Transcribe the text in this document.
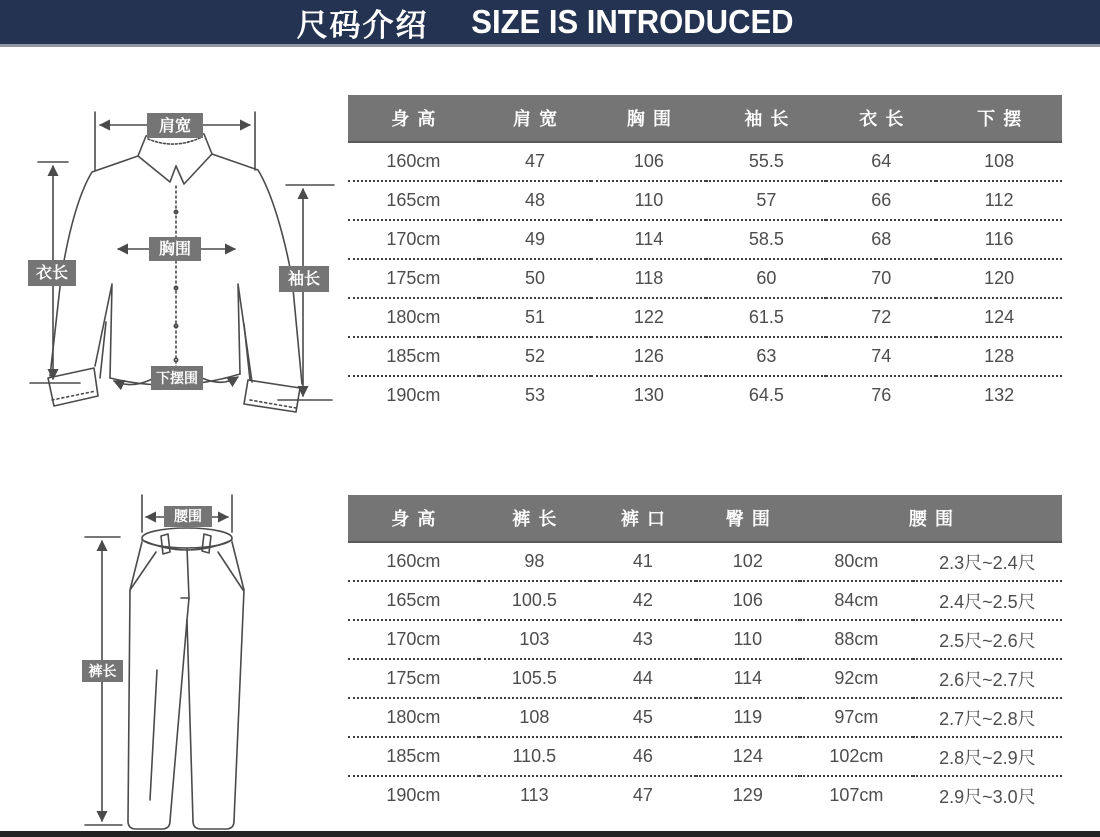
尺码介绍 SIZE IS INTRODUCED
肩宽
胸围
衣长	袖长
下摆围
腰围
裤长
身高	肩宽	胸围	袖长	衣长	下摆
160cm	47	106	55.5	64	108
165cm	48	110	57	66	112
170cm	49	114	58.5	68	116
175cm	50	118	60	70	120
180cm	51	122	61.5	72	124
185cm	52	126	63	74	128
190cm	53	130	64.5	76	132
身高	裤长	裤口	臀围	腰围	
160cm	98	41	102	80cm	2.3尺~2.4尺
165cm	100.5	42	106	84cm	2.4尺~2.5尺
170cm	103	43	110	88cm	2.5尺~2.6尺
175cm	105.5	44	114	92cm	2.6尺~2.7尺
180cm	108	45	119	97cm	2.7尺~2.8尺
185cm	110.5	46	124	102cm	2.8尺~2.9尺
190cm	113	47	129	107cm	2.9尺~3.0尺
